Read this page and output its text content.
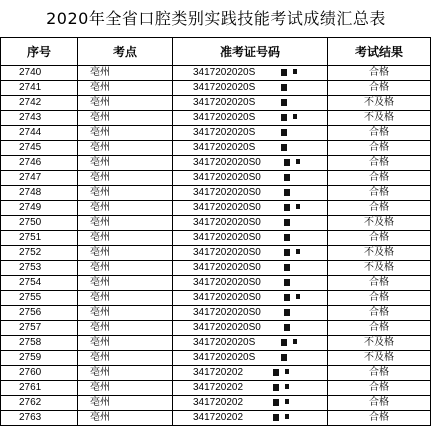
2020年全省口腔类别实践技能考试成绩汇总表
序号	考点	准考证号码	考试结果
2740	亳州	3417202020S	合格
2741	亳州	3417202020S	合格
2742	亳州	3417202020S	不及格
2743	亳州	3417202020S	不及格
2744	亳州	3417202020S	合格
2745	亳州	3417202020S	合格
2746	亳州	3417202020S0	合格
2747	亳州	3417202020S0	合格
2748	亳州	3417202020S0	合格
2749	亳州	3417202020S0	合格
2750	亳州	3417202020S0	不及格
2751	亳州	3417202020S0	合格
2752	亳州	3417202020S0	不及格
2753	亳州	3417202020S0	不及格
2754	亳州	3417202020S0	合格
2755	亳州	3417202020S0	合格
2756	亳州	3417202020S0	合格
2757	亳州	3417202020S0	合格
2758	亳州	3417202020S	不及格
2759	亳州	3417202020S	不及格
2760	亳州	341720202	合格
2761	亳州	341720202	合格
2762	亳州	341720202	合格
2763	亳州	341720202	合格
